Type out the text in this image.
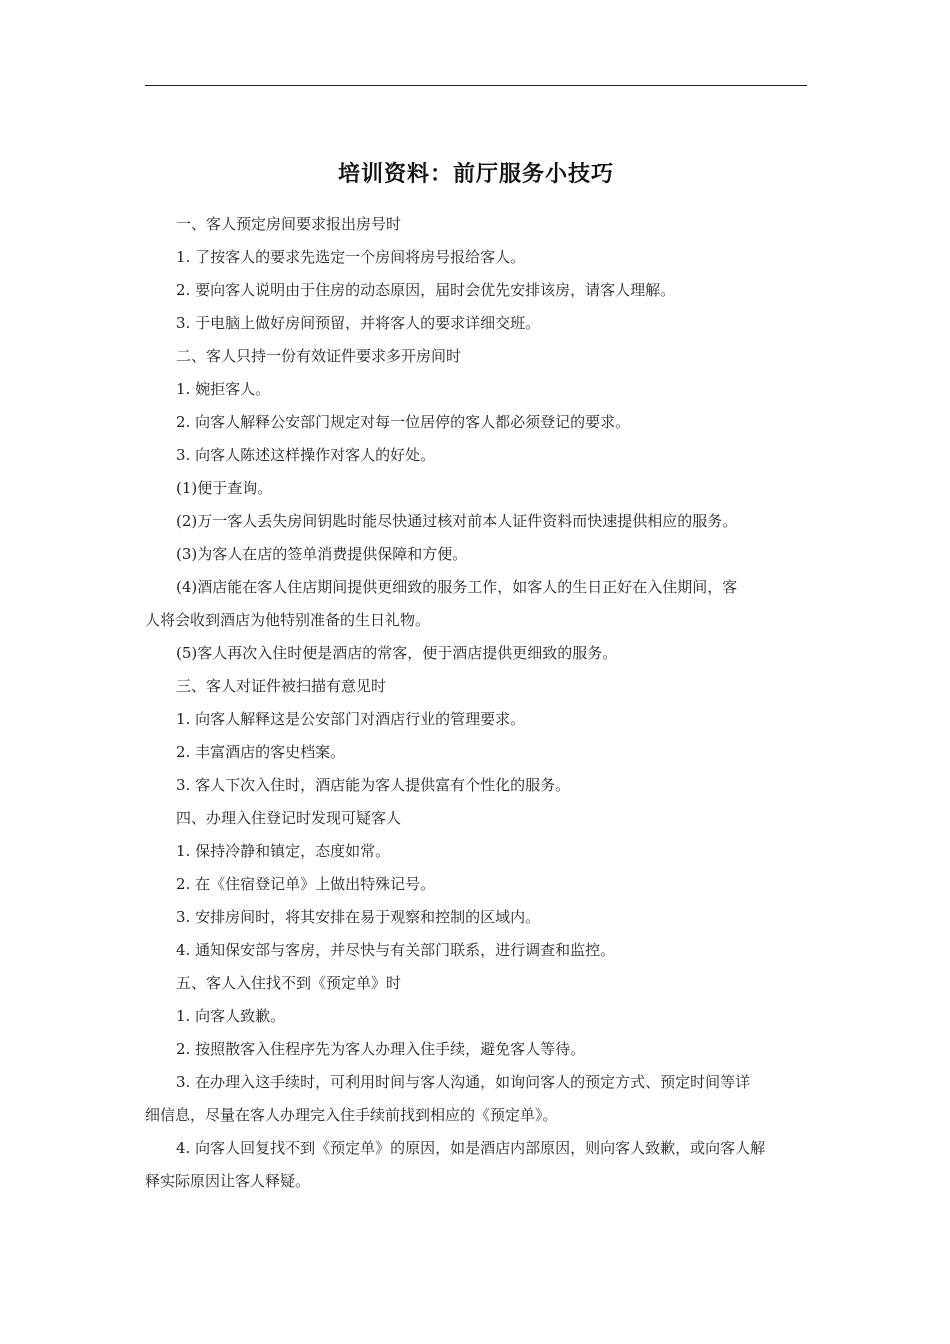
培训资料：前厅服务小技巧
一、客人预定房间要求报出房号时
1. 了按客人的要求先选定一个房间将房号报给客人。
2. 要向客人说明由于住房的动态原因，届时会优先安排该房，请客人理解。
3. 于电脑上做好房间预留，并将客人的要求详细交班。
二、客人只持一份有效证件要求多开房间时
1. 婉拒客人。
2. 向客人解释公安部门规定对每一位居停的客人都必须登记的要求。
3. 向客人陈述这样操作对客人的好处。
(1)便于查询。
(2)万一客人丢失房间钥匙时能尽快通过核对前本人证件资料而快速提供相应的服务。
(3)为客人在店的签单消费提供保障和方便。
(4)酒店能在客人住店期间提供更细致的服务工作，如客人的生日正好在入住期间，客
人将会收到酒店为他特别准备的生日礼物。
(5)客人再次入住时便是酒店的常客，便于酒店提供更细致的服务。
三、客人对证件被扫描有意见时
1. 向客人解释这是公安部门对酒店行业的管理要求。
2. 丰富酒店的客史档案。
3. 客人下次入住时，酒店能为客人提供富有个性化的服务。
四、办理入住登记时发现可疑客人
1. 保持冷静和镇定，态度如常。
2. 在《住宿登记单》上做出特殊记号。
3. 安排房间时，将其安排在易于观察和控制的区域内。
4. 通知保安部与客房，并尽快与有关部门联系，进行调查和监控。
五、客人入住找不到《预定单》时
1. 向客人致歉。
2. 按照散客入住程序先为客人办理入住手续，避免客人等待。
3. 在办理入这手续时，可利用时间与客人沟通，如询问客人的预定方式、预定时间等详
细信息，尽量在客人办理完入住手续前找到相应的《预定单》。
4. 向客人回复找不到《预定单》的原因，如是酒店内部原因，则向客人致歉，或向客人解
释实际原因让客人释疑。
